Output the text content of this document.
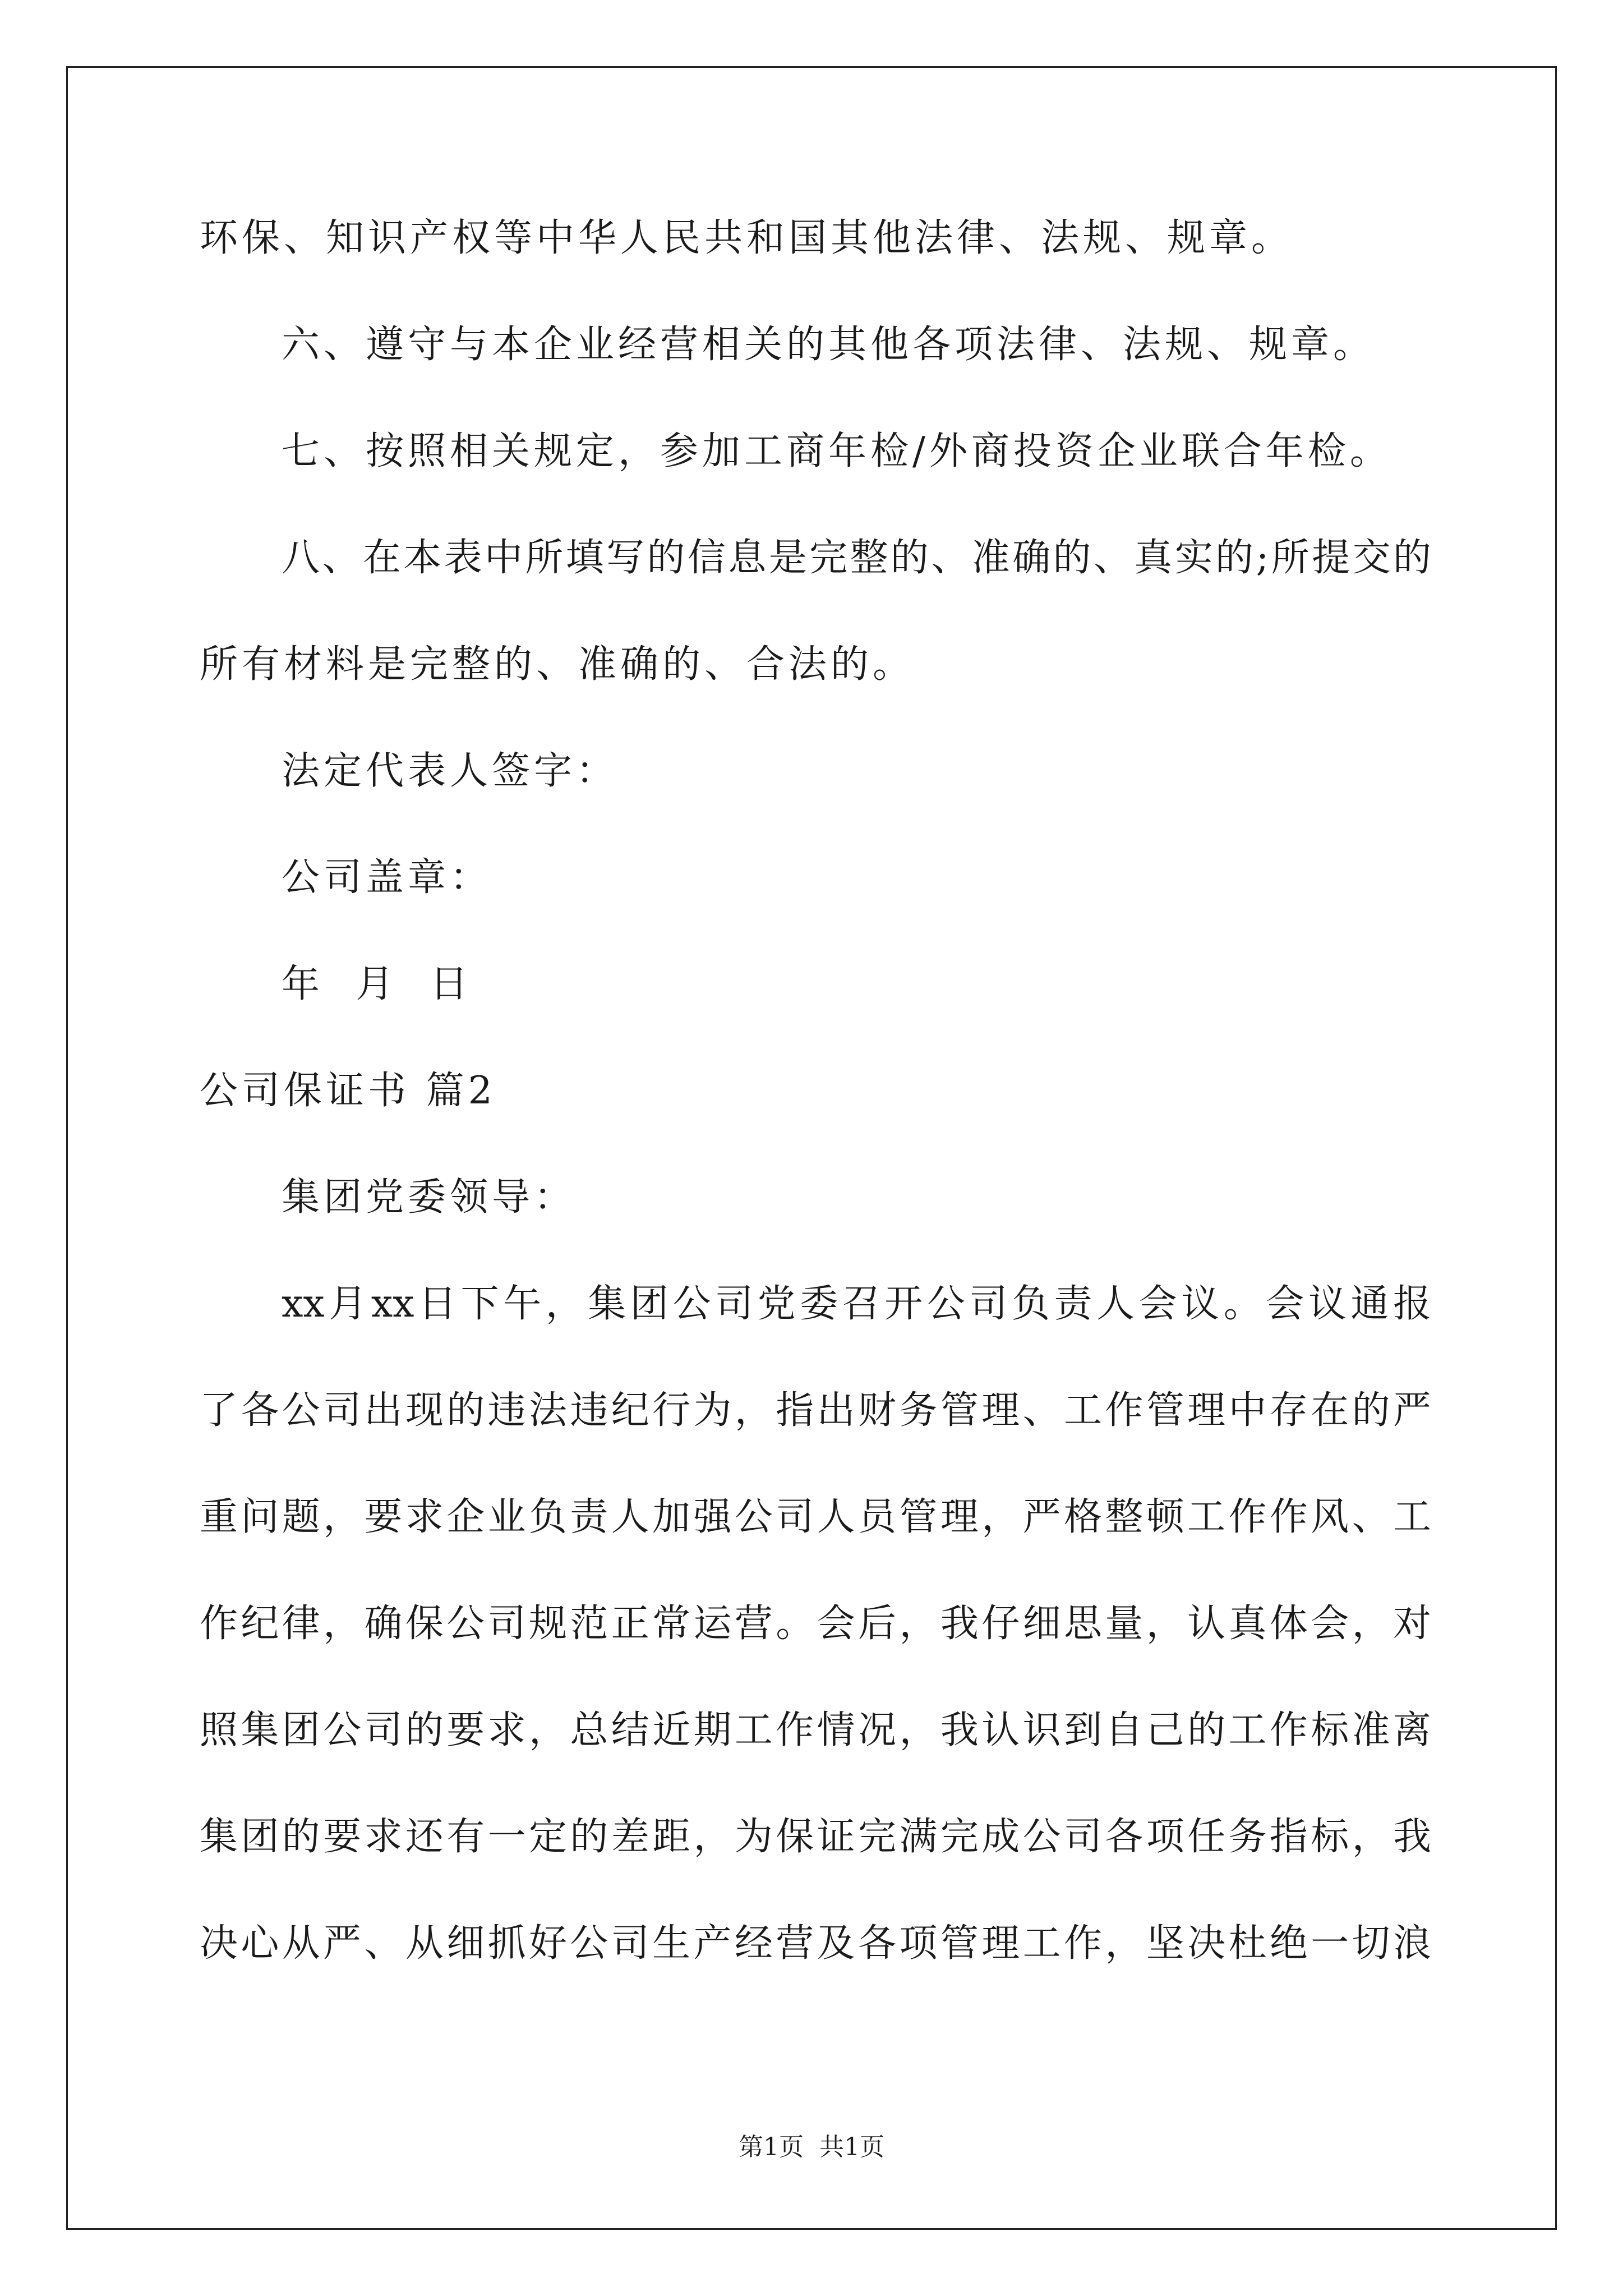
环保、知识产权等中华人民共和国其他法律、法规、规章。
六、遵守与本企业经营相关的其他各项法律、法规、规章。
七、按照相关规定，参加工商年检/外商投资企业联合年检。
八、在本表中所填写的信息是完整的、准确的、真实的;所提交的
所有材料是完整的、准确的、合法的。
法定代表人签字：
公司盖章：
年  月  日
公司保证书 篇2
集团党委领导：
xx月xx日下午，集团公司党委召开公司负责人会议。会议通报
了各公司出现的违法违纪行为，指出财务管理、工作管理中存在的严
重问题，要求企业负责人加强公司人员管理，严格整顿工作作风、工
作纪律，确保公司规范正常运营。会后，我仔细思量，认真体会，对
照集团公司的要求，总结近期工作情况，我认识到自己的工作标准离
集团的要求还有一定的差距，为保证完满完成公司各项任务指标，我
决心从严、从细抓好公司生产经营及各项管理工作，坚决杜绝一切浪
第1页  共1页
